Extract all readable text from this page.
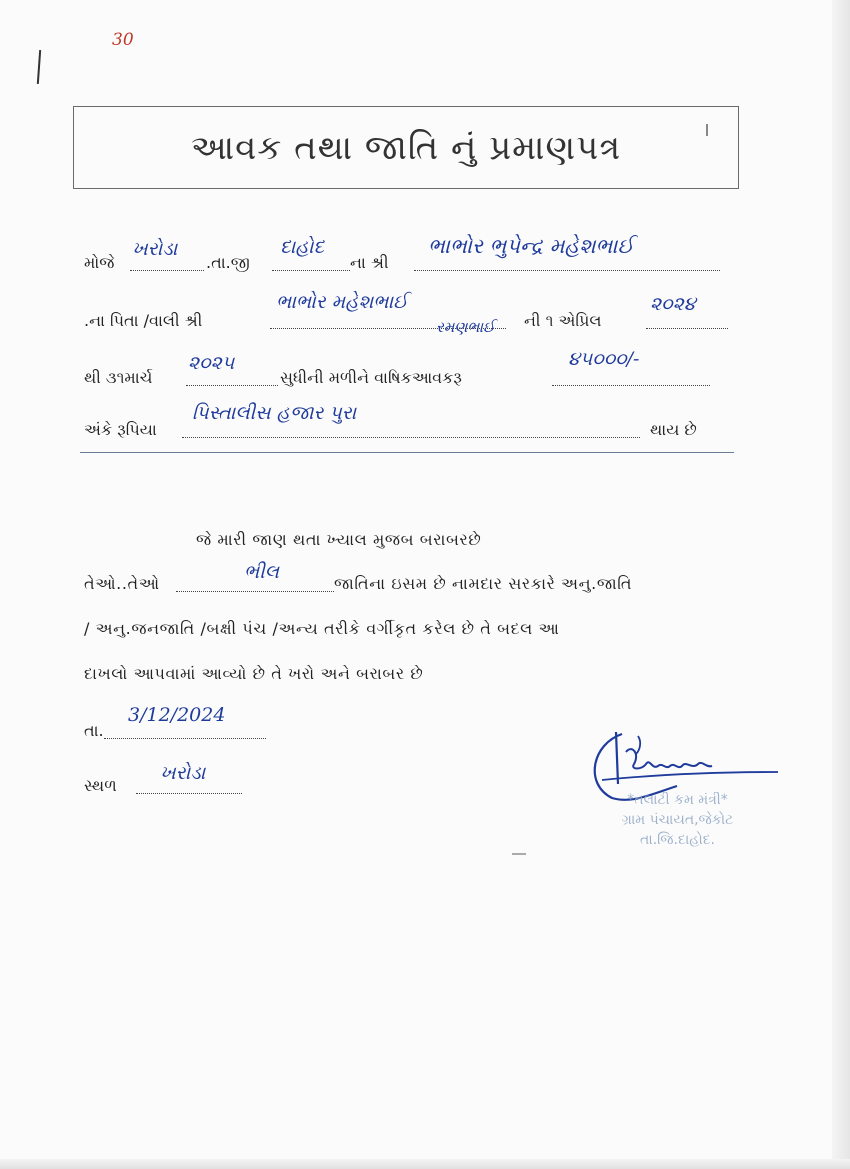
30
આવક તથા જાતિ નું પ્રમાણપત્ર
મોજે
ખરોડા
.તા.જી
દાહોદ
ના શ્રી
ભાભોર ભુપેન્દ્ર મહેશભાઈ
.ના પિતા /વાલી શ્રી
ભાભોર મહેશભાઈ
રમણભાઈ ની ૧ એપ્રિલ
૨૦૨૪
થી ૩૧માર્ચ
૨૦૨૫
સુધીની મળીને વાષિકઆવકરૂ
૪૫૦૦૦/-
અંકે રૂપિયા
પિસ્તાલીસ હજાર પુરા
થાય છે
જે મારી જાણ થતા ખ્યાલ મુજબ બરાબરછે
તેઓ..તેઓ
ભીલ
જાતિના ઇસમ છે નામદાર સરકારે અનુ.જાતિ
/ અનુ.જનજાતિ /બક્ષી પંચ /અન્ય તરીકે વર્ગીકૃત કરેલ છે તે બદલ આ
દાખલો આપવામાં આવ્યો છે તે ખરો અને બરાબર છે
તા.
3/12/2024
સ્થળ
ખરોડા
*તલાટી કમ મંત્રી*
ગ્રામ પંચાયત,જેકોટ
તા.જિ.દાહોદ.
